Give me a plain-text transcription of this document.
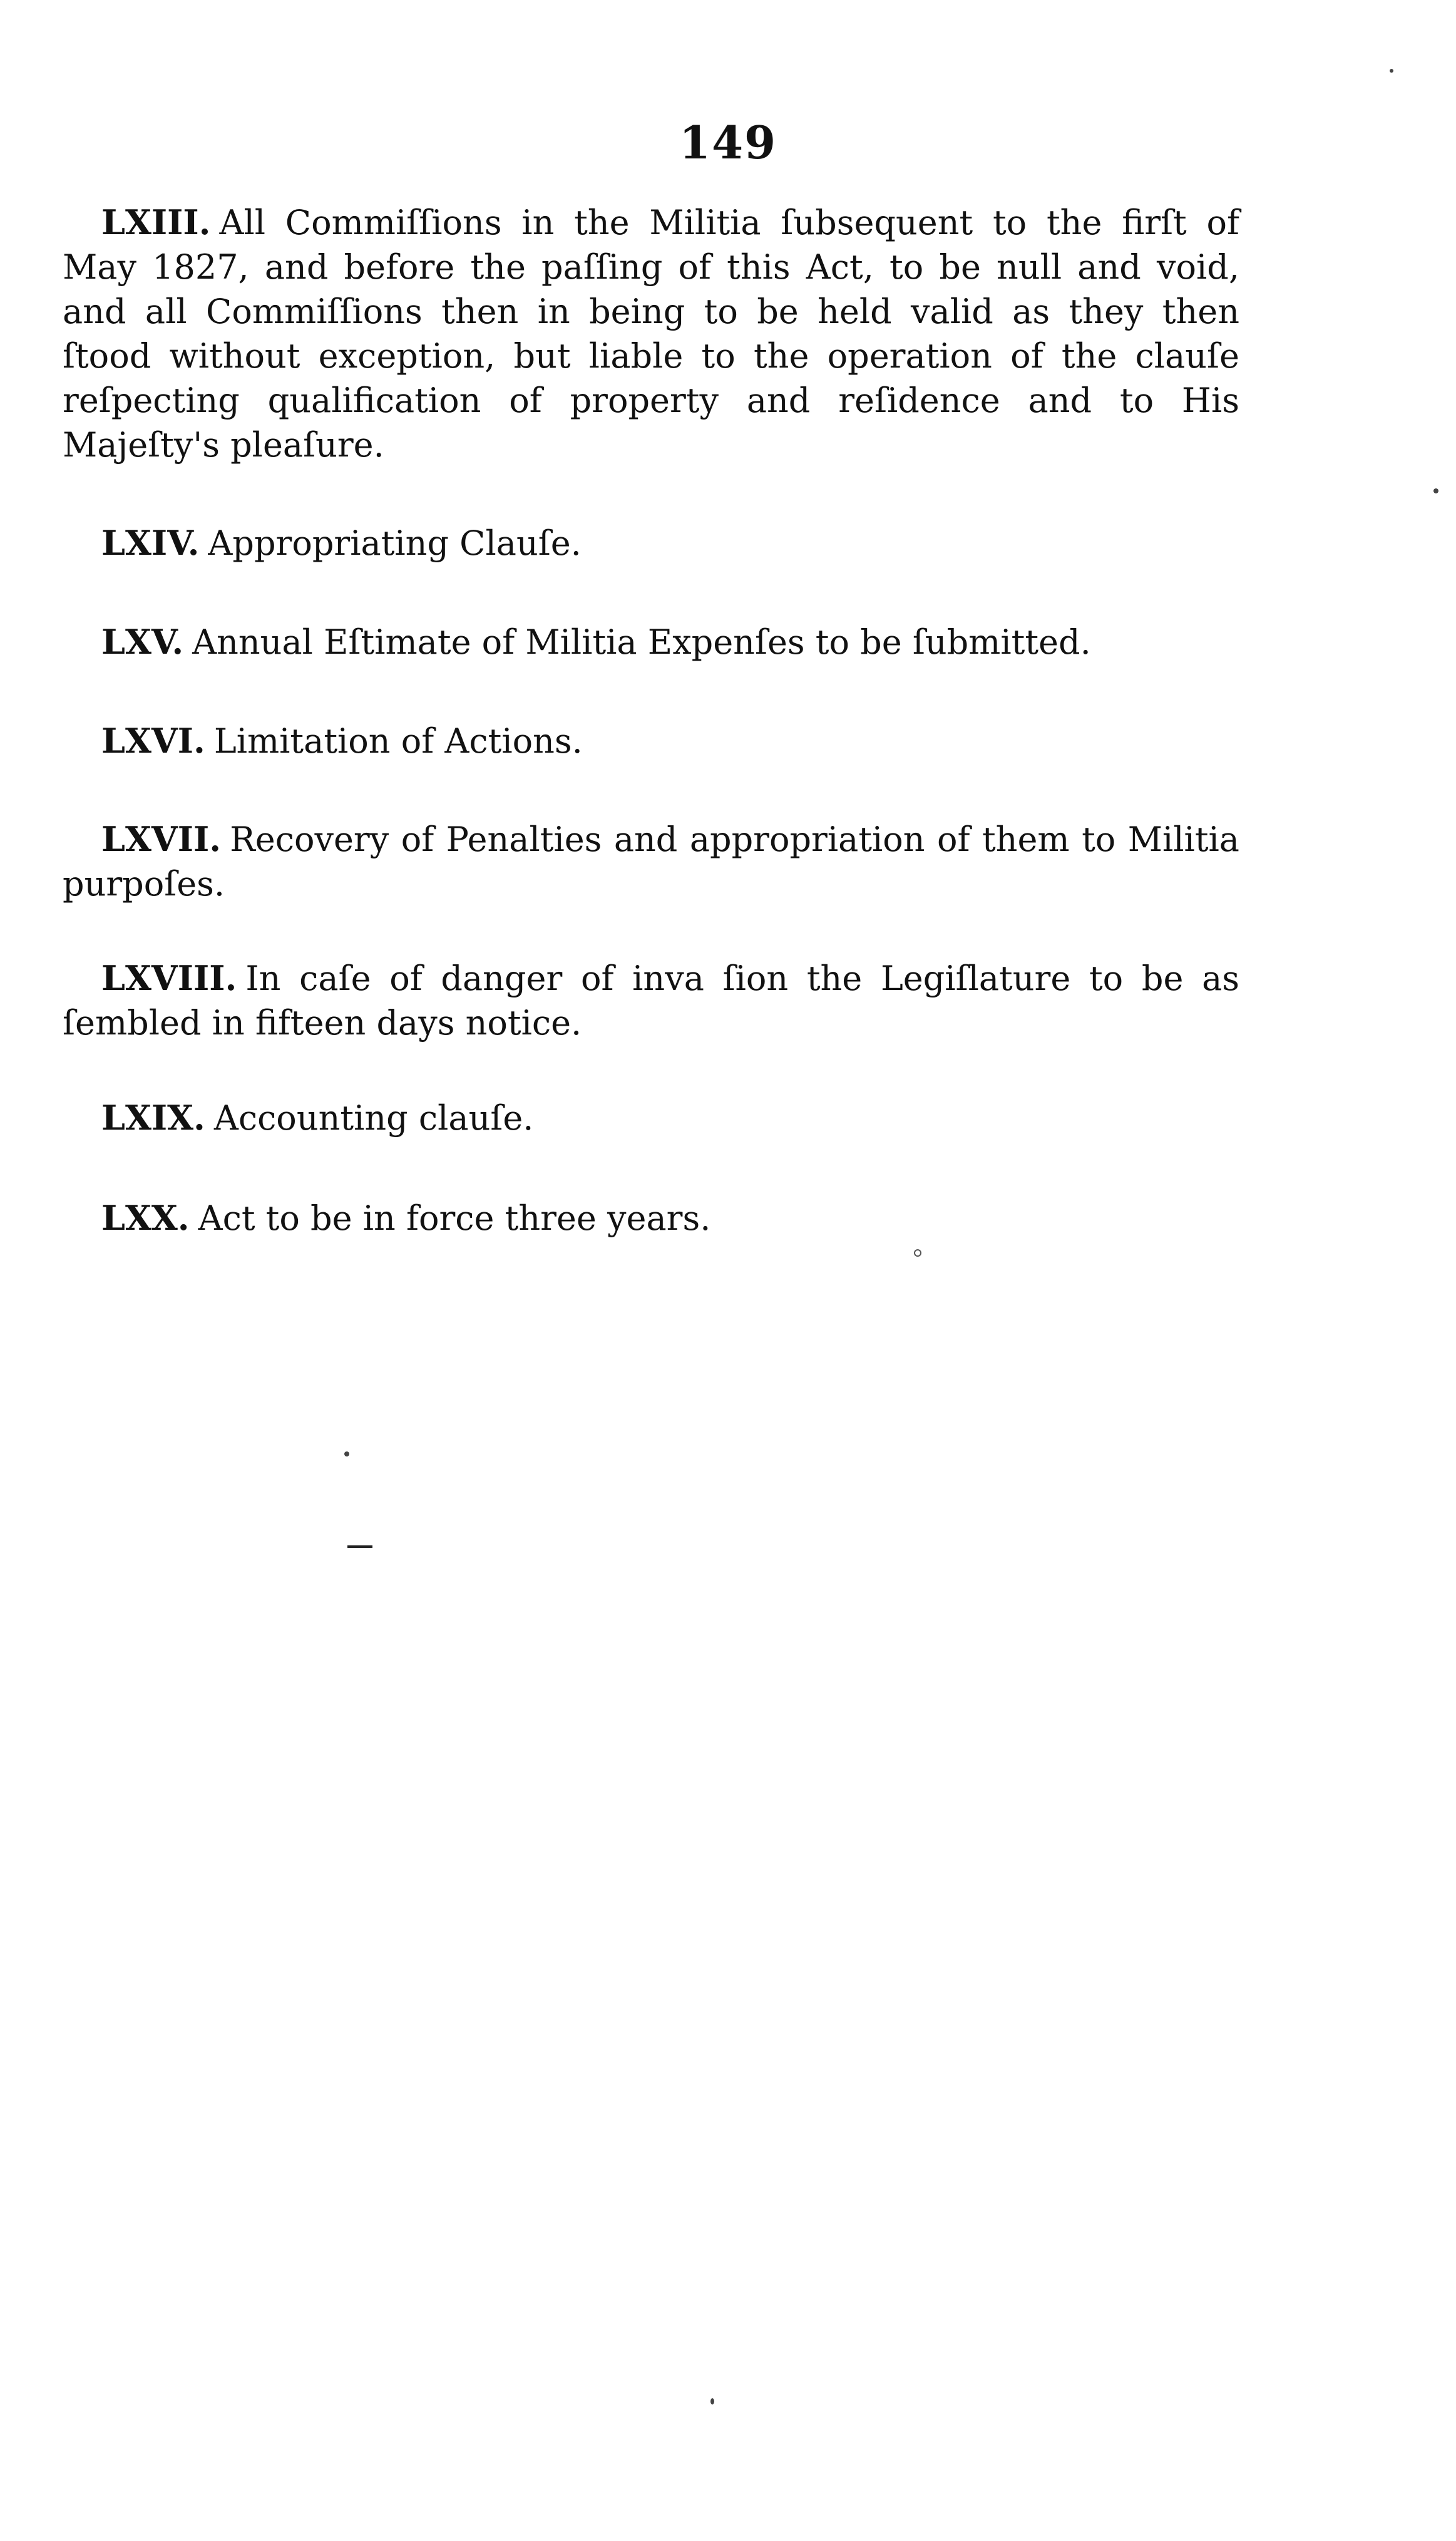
149

LXIII. All Commiſſions in the Militia ſubsequent to the firſt of May 1827, and before the paſſing of this Act, to be null and void, and all Commiſſions then in being to be held valid as they then ſtood without exception, but liable to the operation of the clauſe reſpecting qualification of property and reſidence and to His Majeſty's pleaſure.

LXIV. Appropriating Clauſe.

LXV. Annual Eſtimate of Militia Expenſes to be ſubmitted.

LXVI. Limitation of Actions.

LXVII. Recovery of Penalties and appropriation of them to Militia purpoſes.

LXVIII. In caſe of danger of inva ſion the Legiſlature to be as ſembled in fifteen days notice.

LXIX. Accounting clauſe.

LXX. Act to be in force three years.
